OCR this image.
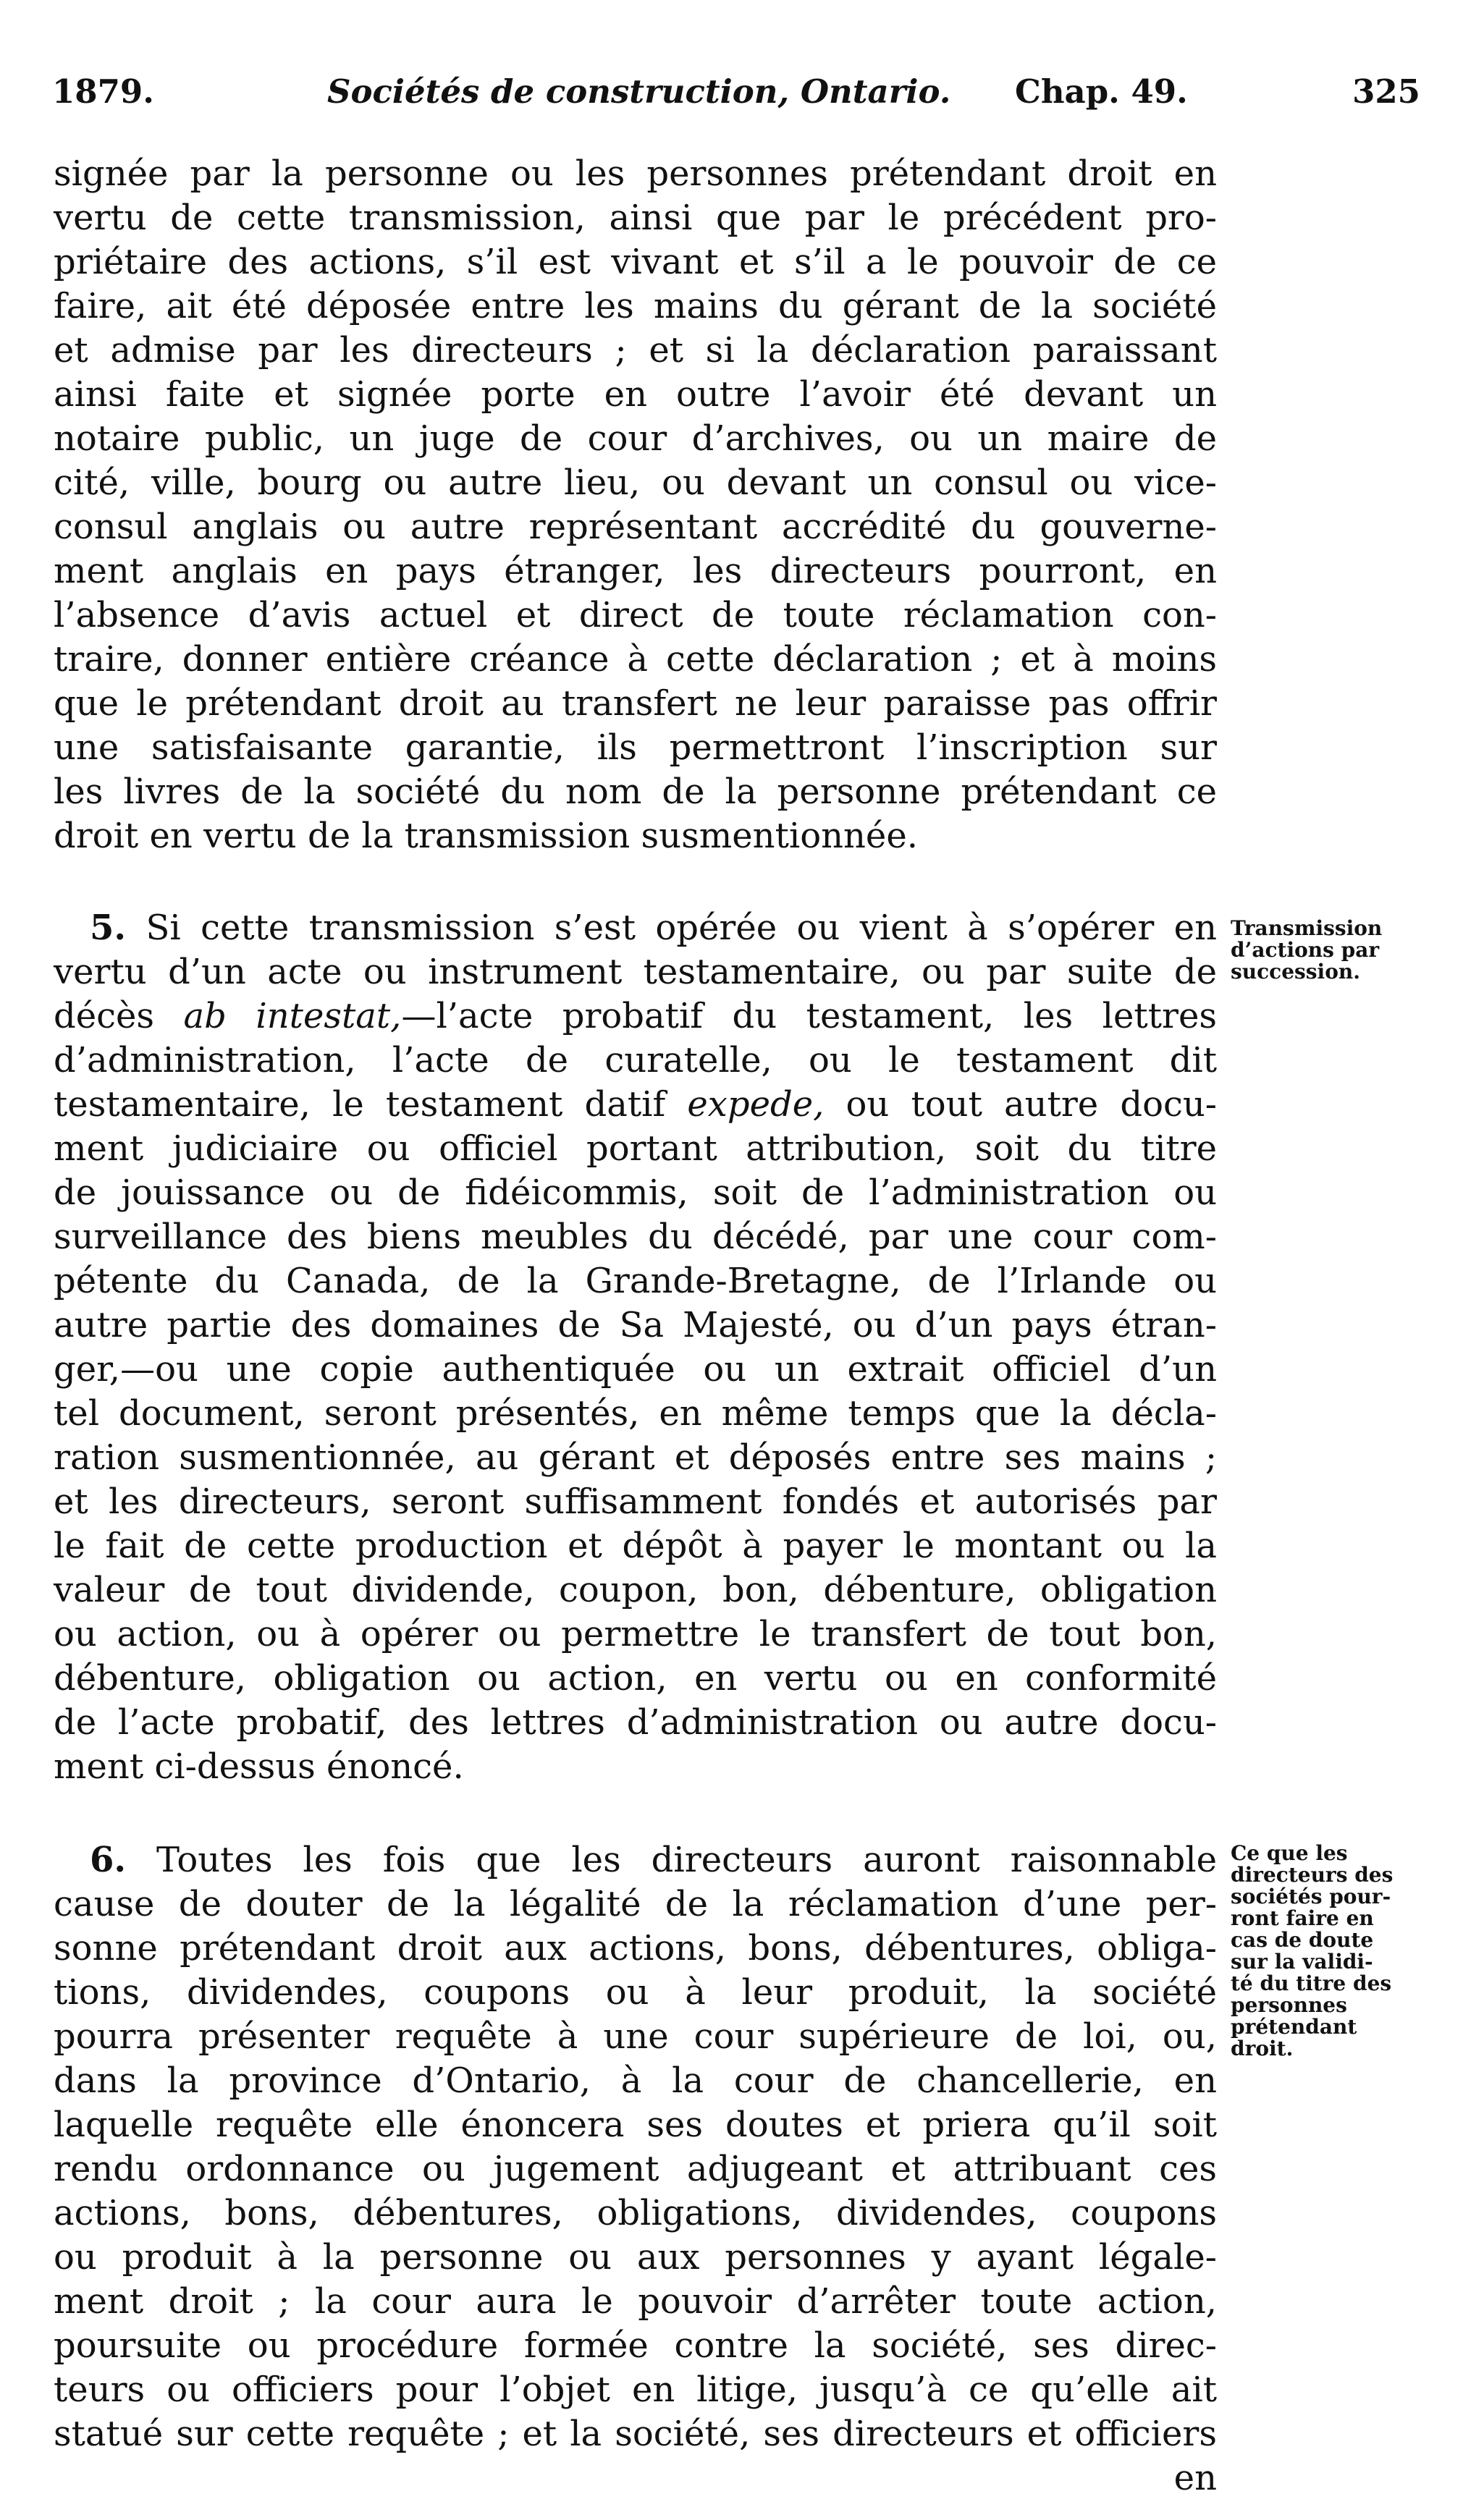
1879.	Sociétés de construction, Ontario. Chap. 49.	325
signée par la personne ou les personnes prétendant droit en
vertu de cette transmission, ainsi que par le précédent pro-
priétaire des actions, s’il est vivant et s’il a le pouvoir de ce
faire, ait été déposée entre les mains du gérant de la société
et admise par les directeurs ; et si la déclaration paraissant
ainsi faite et signée porte en outre l’avoir été devant un
notaire public, un juge de cour d’archives, ou un maire de
cité, ville, bourg ou autre lieu, ou devant un consul ou vice-
consul anglais ou autre représentant accrédité du gouverne-
ment anglais en pays étranger, les directeurs pourront, en
l’absence d’avis actuel et direct de toute réclamation con-
traire, donner entière créance à cette déclaration ; et à moins
que le prétendant droit au transfert ne leur paraisse pas offrir
une satisfaisante garantie, ils permettront l’inscription sur
les livres de la société du nom de la personne prétendant ce
droit en vertu de la transmission susmentionnée.
5. Si cette transmission s’est opérée ou vient à s’opérer en
vertu d’un acte ou instrument testamentaire, ou par suite de
décès ab intestat,—l’acte probatif du testament, les lettres
d’administration, l’acte de curatelle, ou le testament dit
testamentaire, le testament datif expede, ou tout autre docu-
ment judiciaire ou officiel portant attribution, soit du titre
de jouissance ou de fidéicommis, soit de l’administration ou
surveillance des biens meubles du décédé, par une cour com-
pétente du Canada, de la Grande-Bretagne, de l’Irlande ou
autre partie des domaines de Sa Majesté, ou d’un pays étran-
ger,—ou une copie authentiquée ou un extrait officiel d’un
tel document, seront présentés, en même temps que la décla-
ration susmentionnée, au gérant et déposés entre ses mains ;
et les directeurs, seront suffisamment fondés et autorisés par
le fait de cette production et dépôt à payer le montant ou la
valeur de tout dividende, coupon, bon, débenture, obligation
ou action, ou à opérer ou permettre le transfert de tout bon,
débenture, obligation ou action, en vertu ou en conformité
de l’acte probatif, des lettres d’administration ou autre docu-
ment ci-dessus énoncé.
Transmission
d’actions par
succession.
6. Toutes les fois que les directeurs auront raisonnable
cause de douter de la légalité de la réclamation d’une per-
sonne prétendant droit aux actions, bons, débentures, obliga-
tions, dividendes, coupons ou à leur produit, la société
pourra présenter requête à une cour supérieure de loi, ou,
dans la province d’Ontario, à la cour de chancellerie, en
laquelle requête elle énoncera ses doutes et priera qu’il soit
rendu ordonnance ou jugement adjugeant et attribuant ces
actions, bons, débentures, obligations, dividendes, coupons
ou produit à la personne ou aux personnes y ayant légale-
ment droit ; la cour aura le pouvoir d’arrêter toute action,
poursuite ou procédure formée contre la société, ses direc-
teurs ou officiers pour l’objet en litige, jusqu’à ce qu’elle ait
statué sur cette requête ; et la société, ses directeurs et officiers
en
Ce que les
directeurs des
sociétés pour-
ront faire en
cas de doute
sur la validi-
té du titre des
personnes
prétendant
droit.
